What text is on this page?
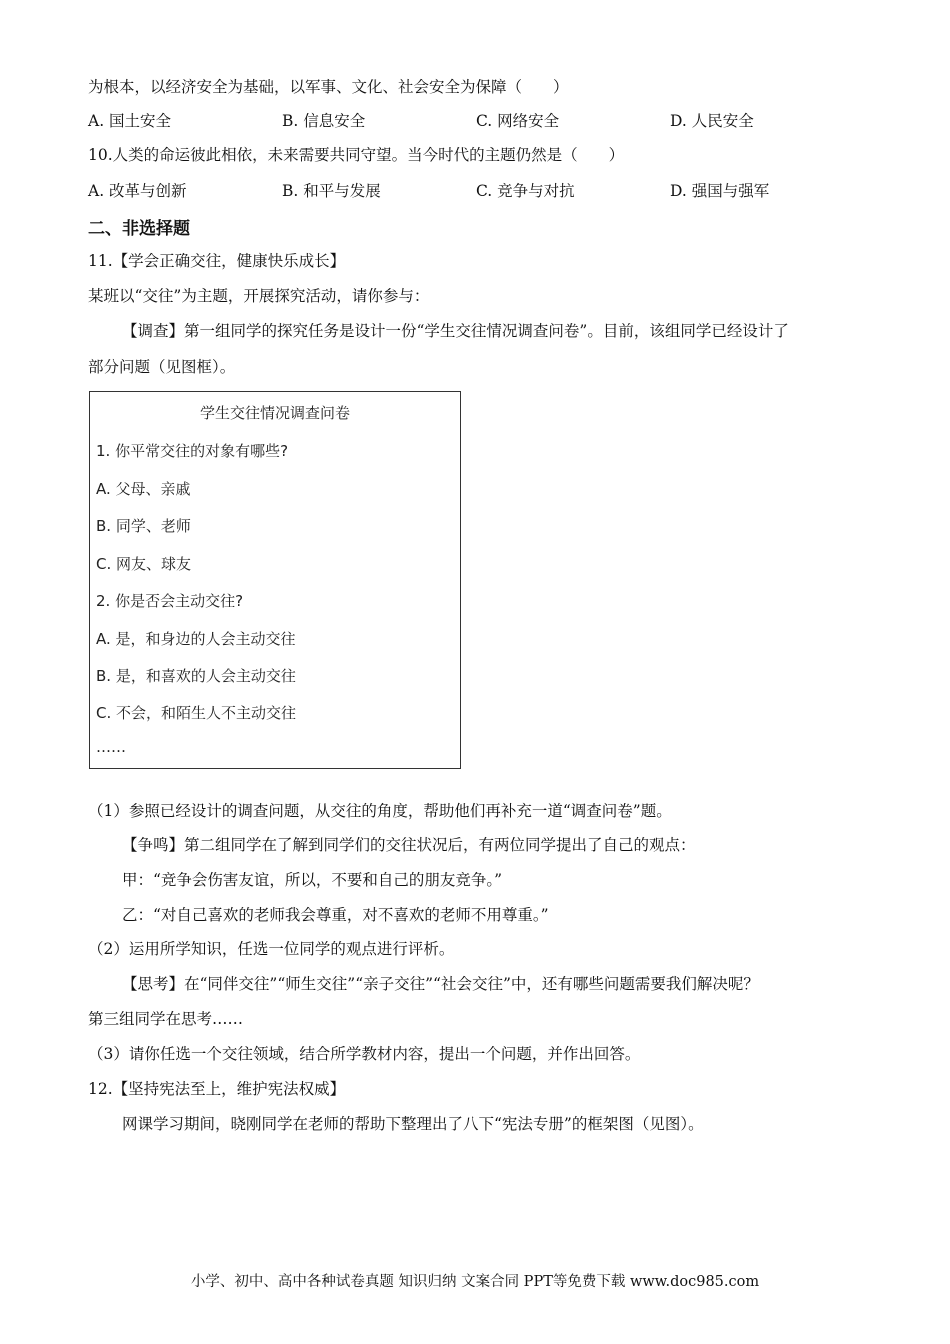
为根本，以经济安全为基础，以军事、文化、社会安全为保障（　　）
A. 国土安全	B. 信息安全	C. 网络安全	D. 人民安全
10.人类的命运彼此相依，未来需要共同守望。当今时代的主题仍然是（　　）
A. 改革与创新	B. 和平与发展	C. 竞争与对抗	D. 强国与强军
二、非选择题
11.【学会正确交往，健康快乐成长】
某班以“交往”为主题，开展探究活动，请你参与：
【调查】第一组同学的探究任务是设计一份“学生交往情况调查问卷”。目前，该组同学已经设计了
部分问题（见图框）。
学生交往情况调查问卷
1. 你平常交往的对象有哪些?
A. 父母、亲戚
B. 同学、老师
C. 网友、球友
2. 你是否会主动交往?
A. 是，和身边的人会主动交往
B. 是，和喜欢的人会主动交往
C. 不会，和陌生人不主动交往
……
（1）参照已经设计的调查问题，从交往的角度，帮助他们再补充一道“调查问卷”题。
【争鸣】第二组同学在了解到同学们的交往状况后，有两位同学提出了自己的观点：
甲：“竞争会伤害友谊，所以，不要和自己的朋友竞争。”
乙：“对自己喜欢的老师我会尊重，对不喜欢的老师不用尊重。”
（2）运用所学知识，任选一位同学的观点进行评析。
【思考】在“同伴交往”“师生交往”“亲子交往”“社会交往”中，还有哪些问题需要我们解决呢？
第三组同学在思考……
（3）请你任选一个交往领域，结合所学教材内容，提出一个问题，并作出回答。
12.【坚持宪法至上，维护宪法权威】
网课学习期间，晓刚同学在老师的帮助下整理出了八下“宪法专册”的框架图（见图）。
小学、初中、高中各种试卷真题 知识归纳 文案合同 PPT等免费下载 www.doc985.com
